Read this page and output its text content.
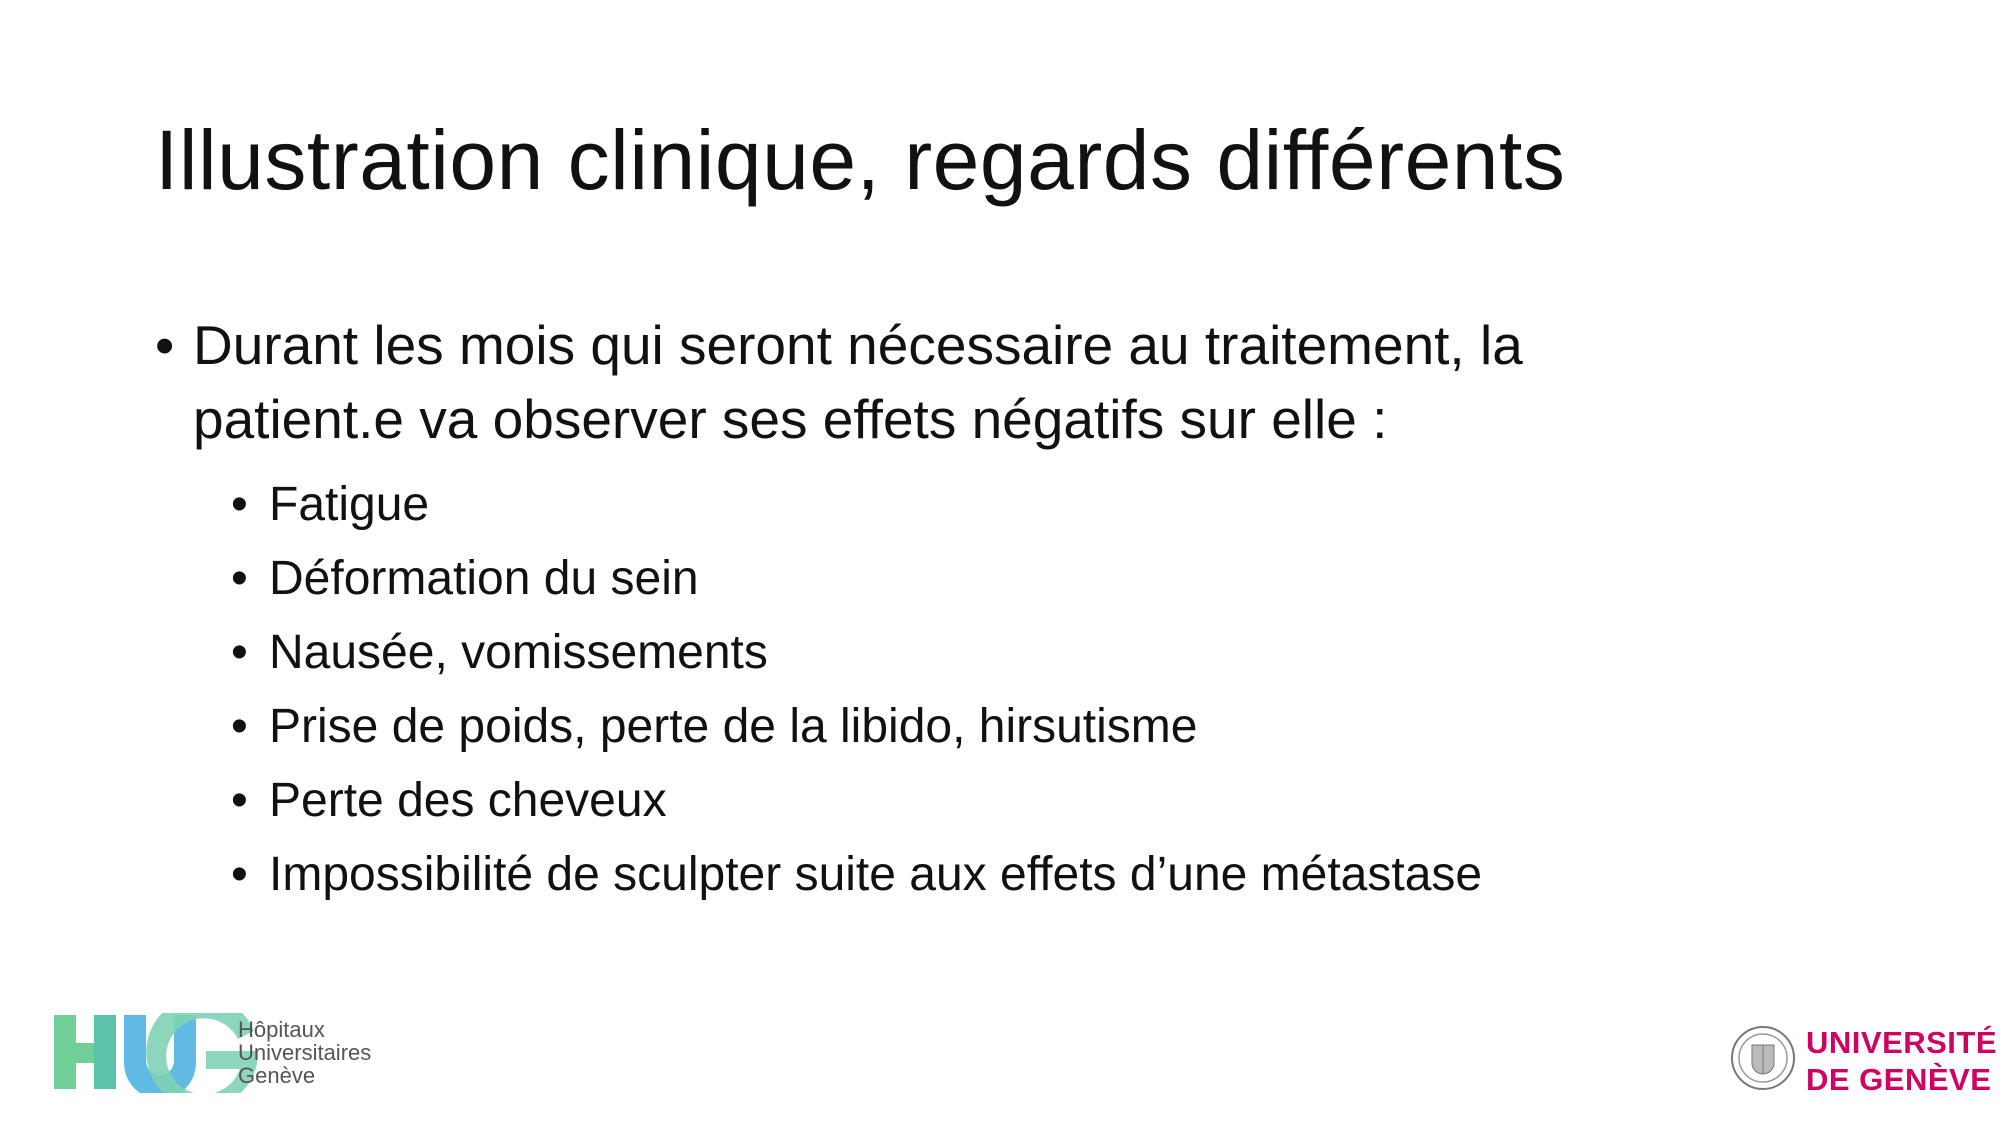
Illustration clinique, regards différents
• Durant les mois qui seront nécessaire au traitement, la
patient.e va observer ses effets négatifs sur elle :
• Fatigue
• Déformation du sein
• Nausée, vomissements
• Prise de poids, perte de la libido, hirsutisme
• Perte des cheveux
• Impossibilité de sculpter suite aux effets d’une métastase
Hôpitaux
Universitaires
Genève
UNIVERSITÉ
DE GENÈVE
